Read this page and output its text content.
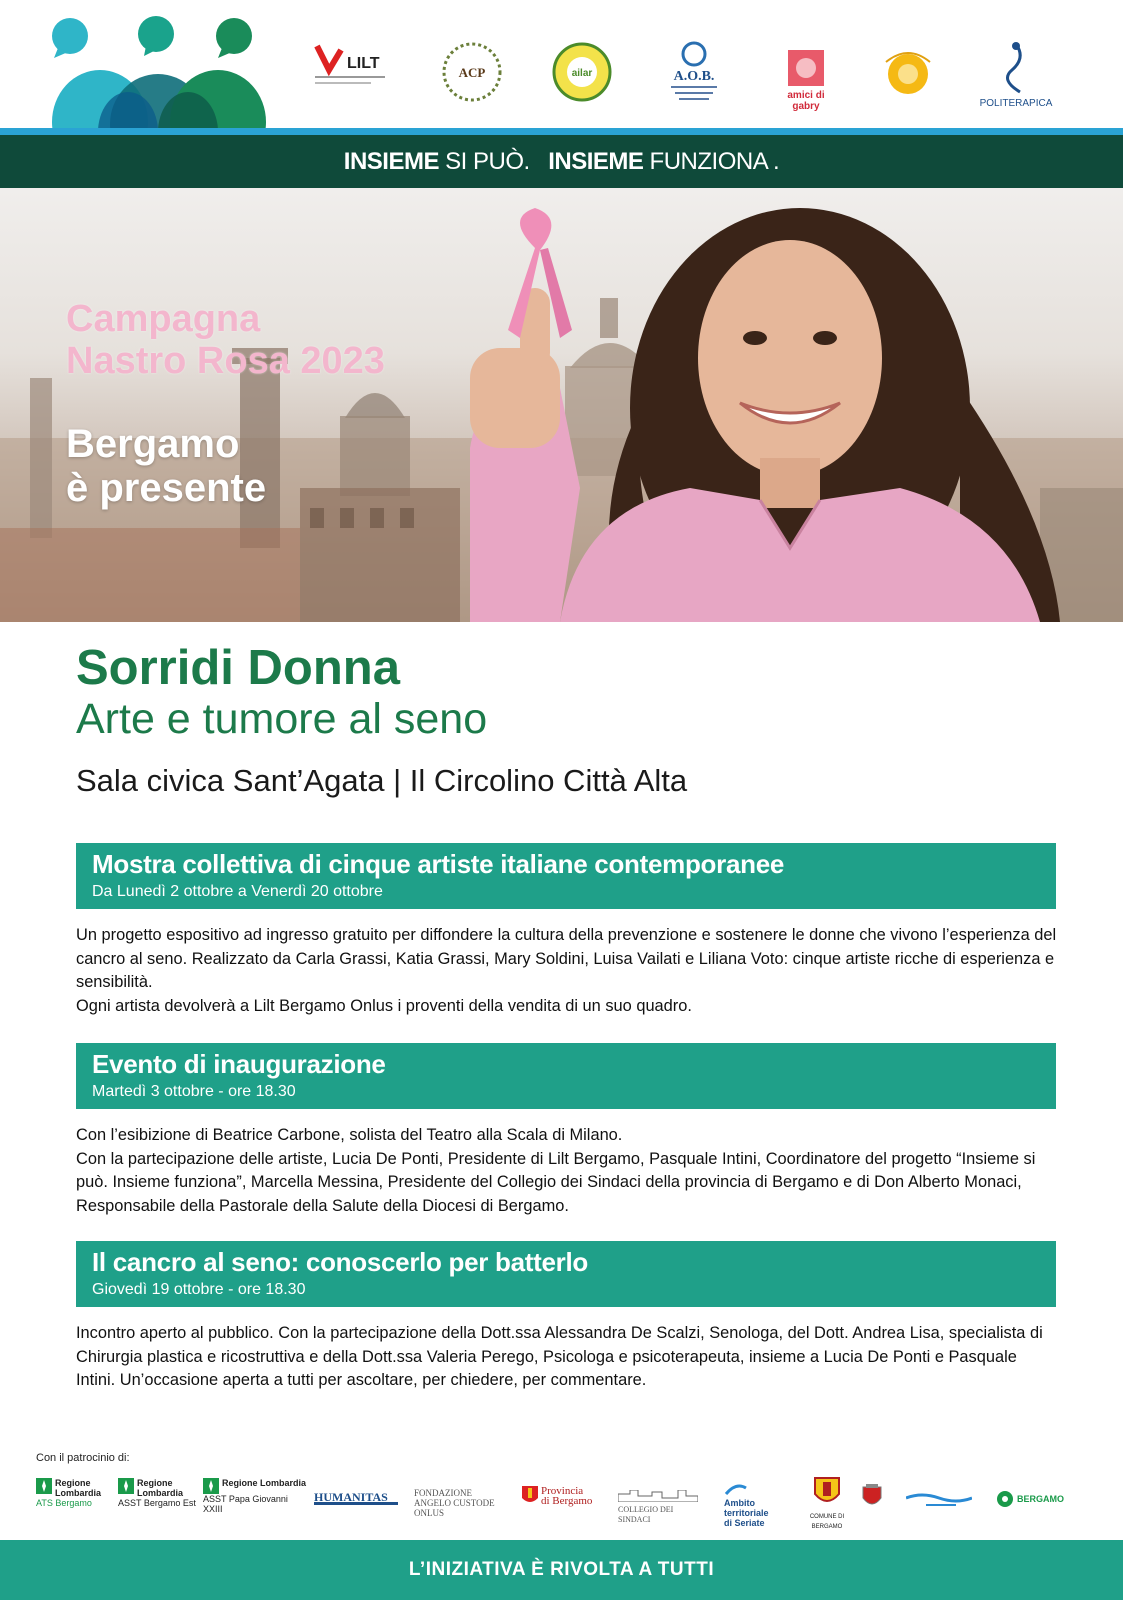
LILT
ACP	ailar	A.O.B.
amici di
gabry	POLITERAPICA
INSIEME SI PUÒ. INSIEME FUNZIONA .
Campagna
Nastro Rosa 2023
Bergamo
è presente
Sorridi Donna
Arte e tumore al seno
Sala civica Sant’Agata | Il Circolino Città Alta
Mostra collettiva di cinque artiste italiane contemporanee
Da Lunedì 2 ottobre a Venerdì 20 ottobre

Un progetto espositivo ad ingresso gratuito per diffondere la cultura della prevenzione e sostenere le donne che vivono l’esperienza del cancro al seno. Realizzato da Carla Grassi, Katia Grassi, Mary Soldini, Luisa Vailati e Liliana Voto: cinque artiste ricche di esperienza e sensibilità.

Ogni artista devolverà a Lilt Bergamo Onlus i proventi della vendita di un suo quadro.

Evento di inaugurazione
Martedì 3 ottobre - ore 18.30

Con l’esibizione di Beatrice Carbone, solista del Teatro alla Scala di Milano.

Con la partecipazione delle artiste, Lucia De Ponti, Presidente di Lilt Bergamo, Pasquale Intini, Coordinatore del progetto “Insieme si può. Insieme funziona”, Marcella Messina, Presidente del Collegio dei Sindaci della provincia di Bergamo e di Don Alberto Monaci, Responsabile della Pastorale della Salute della Diocesi di Bergamo.

Il cancro al seno: conoscerlo per batterlo
Giovedì 19 ottobre - ore 18.30

Incontro aperto al pubblico. Con la partecipazione della Dott.ssa Alessandra De Scalzi, Senologa, del Dott. Andrea Lisa, specialista di Chirurgia plastica e ricostruttiva e della Dott.ssa Valeria Perego, Psicologa e psicoterapeuta, insieme a Lucia De Ponti e Pasquale Intini. Un’occasione aperta a tutti per ascoltare, per chiedere, per commentare.

Con il patrocinio di:
Regione Lombardia
ATS Bergamo
Regione Lombardia
ASST Bergamo Est
Regione Lombardia
ASST Papa Giovanni XXIII
HUMANITAS	FONDAZIONE ANGELO CUSTODE
ONLUS
Provincia
di Bergamo
COLLEGIO DEI SINDACI
Ambito territoriale
di Seriate
COMUNE DI BERGAMO
BERGAMO
L’INIZIATIVA È RIVOLTA A TUTTI
